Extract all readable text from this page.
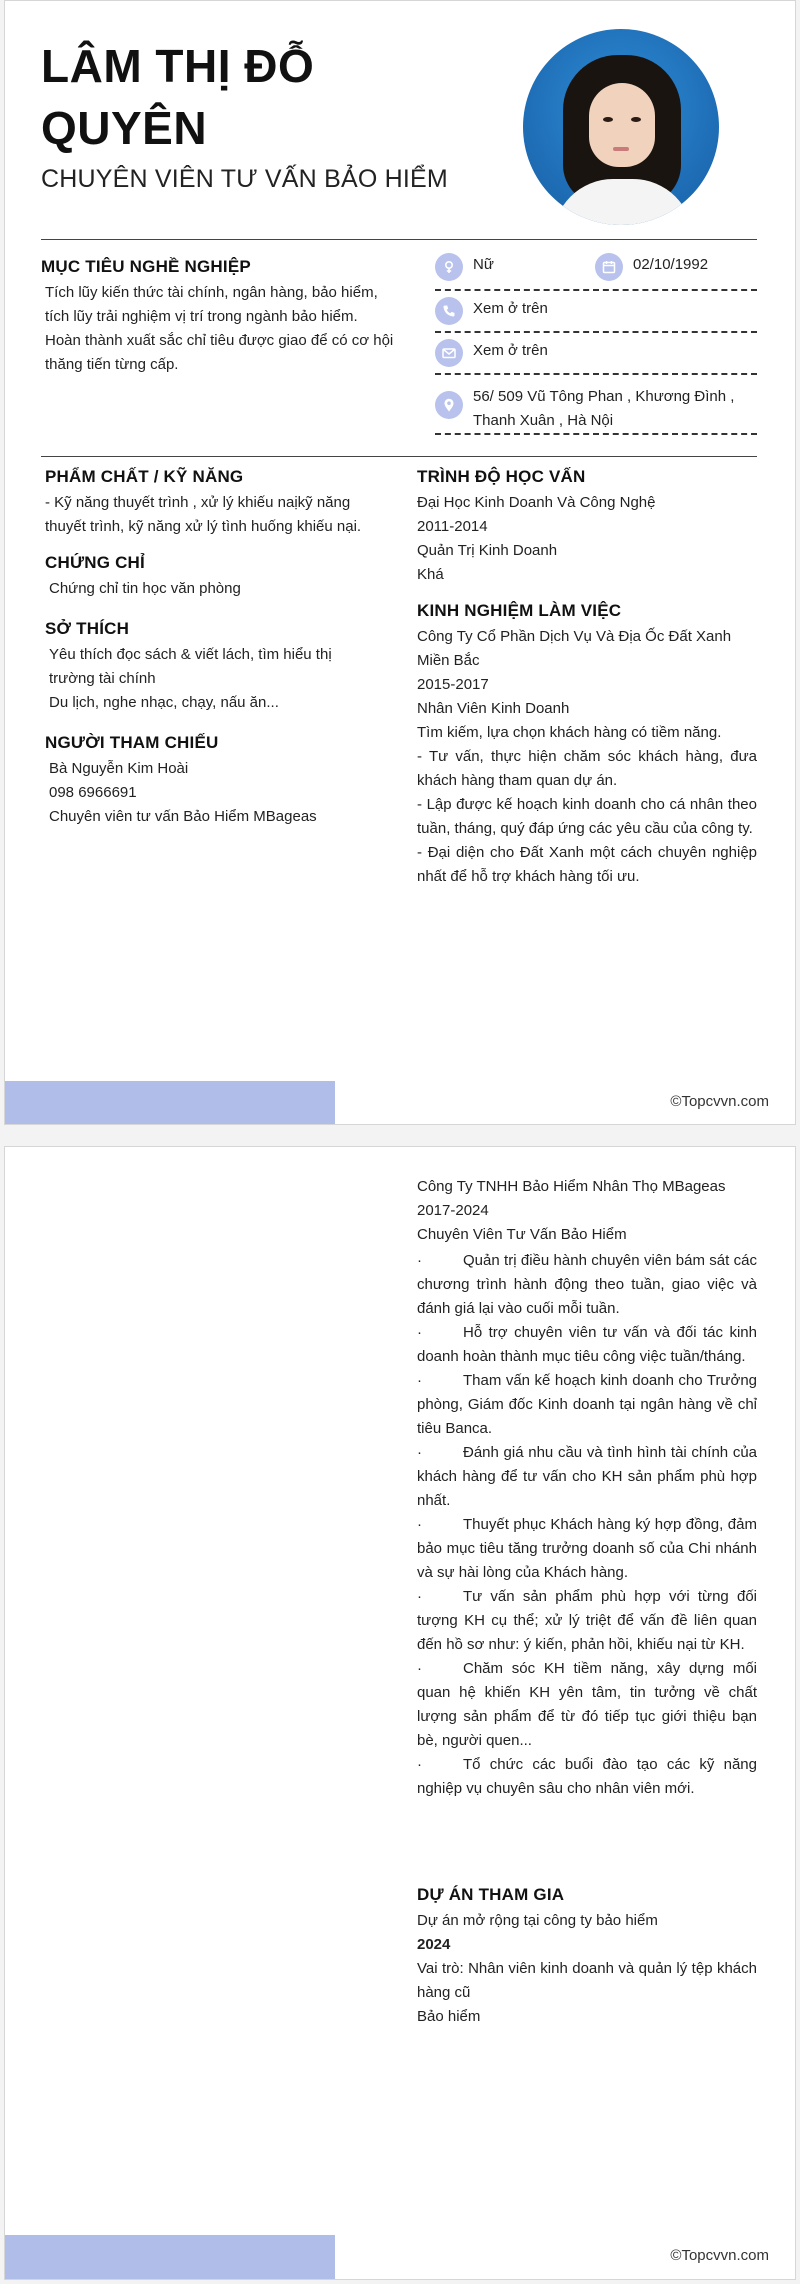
LÂM THỊ ĐỖ
QUYÊN
CHUYÊN VIÊN TƯ VẤN BẢO HIỂM
MỤC TIÊU NGHỀ NGHIỆP

Tích lũy kiến thức tài chính, ngân hàng, bảo hiểm,

tích lũy trải nghiệm vị trí trong ngành bảo hiểm.

Hoàn thành xuất sắc chỉ tiêu được giao để có cơ hội

thăng tiến từng cấp.

Nữ	02/10/1992
Xem ở trên
Xem ở trên
56/ 509 Vũ Tông Phan , Khương Đình ,
Thanh Xuân , Hà Nội
PHẨM CHẤT / KỸ NĂNG

- Kỹ năng thuyết trình , xử lý khiếu naịkỹ năng

thuyết trình, kỹ năng xử lý tình huống khiếu nại.

CHỨNG CHỈ

Chứng chỉ tin học văn phòng

SỞ THÍCH

Yêu thích đọc sách & viết lách, tìm hiểu thị

trường tài chính

Du lịch, nghe nhạc, chạy, nấu ăn...

NGƯỜI THAM CHIẾU

Bà Nguyễn Kim Hoài

098 6966691

Chuyên viên tư vấn Bảo Hiểm MBageas

TRÌNH ĐỘ HỌC VẤN

Đại Học Kinh Doanh Và Công Nghệ

2011-2014

Quản Trị Kinh Doanh

Khá

KINH NGHIỆM LÀM VIỆC

Công Ty Cổ Phần Dịch Vụ Và Địa Ốc Đất Xanh

Miền Bắc

2015-2017

Nhân Viên Kinh Doanh

Tìm kiếm, lựa chọn khách hàng có tiềm năng.

- Tư vấn, thực hiện chăm sóc khách hàng, đưa khách hàng tham quan dự án.

- Lập được kế hoạch kinh doanh cho cá nhân theo tuần, tháng, quý đáp ứng các yêu cầu của công ty.

- Đại diện cho Đất Xanh một cách chuyên nghiệp nhất để hỗ trợ khách hàng tối ưu.

©Topcvvn.com

Công Ty TNHH Bảo Hiểm Nhân Thọ MBageas

2017-2024

Chuyên Viên Tư Vấn Bảo Hiểm

·	Quản trị điều hành chuyên viên bám sát các chương trình hành động theo tuần, giao việc và đánh giá lại vào cuối mỗi tuần.

·	Hỗ trợ chuyên viên tư vấn và đối tác kinh doanh hoàn thành mục tiêu công việc tuần/tháng.

·	Tham vấn kế hoạch kinh doanh cho Trưởng phòng, Giám đốc Kinh doanh tại ngân hàng về chỉ tiêu Banca.

·	Đánh giá nhu cầu và tình hình tài chính của khách hàng để tư vấn cho KH sản phẩm phù hợp nhất.

·	Thuyết phục Khách hàng ký hợp đồng, đảm bảo mục tiêu tăng trưởng doanh số của Chi nhánh và sự hài lòng của Khách hàng.

·	Tư vấn sản phẩm phù hợp với từng đối tượng KH cụ thể; xử lý triệt để vấn đề liên quan đến hồ sơ như: ý kiến, phản hồi, khiếu nại từ KH.

·	Chăm sóc KH tiềm năng, xây dựng mối quan hệ khiến KH yên tâm, tin tưởng về chất lượng sản phẩm để từ đó tiếp tục giới thiệu bạn bè, người quen...

·	Tổ chức các buổi đào tạo các kỹ năng nghiệp vụ chuyên sâu cho nhân viên mới.

DỰ ÁN THAM GIA

Dự án mở rộng tại công ty bảo hiểm

2024

Vai trò: Nhân viên kinh doanh và quản lý tệp khách hàng cũ

Bảo hiểm

©Topcvvn.com
